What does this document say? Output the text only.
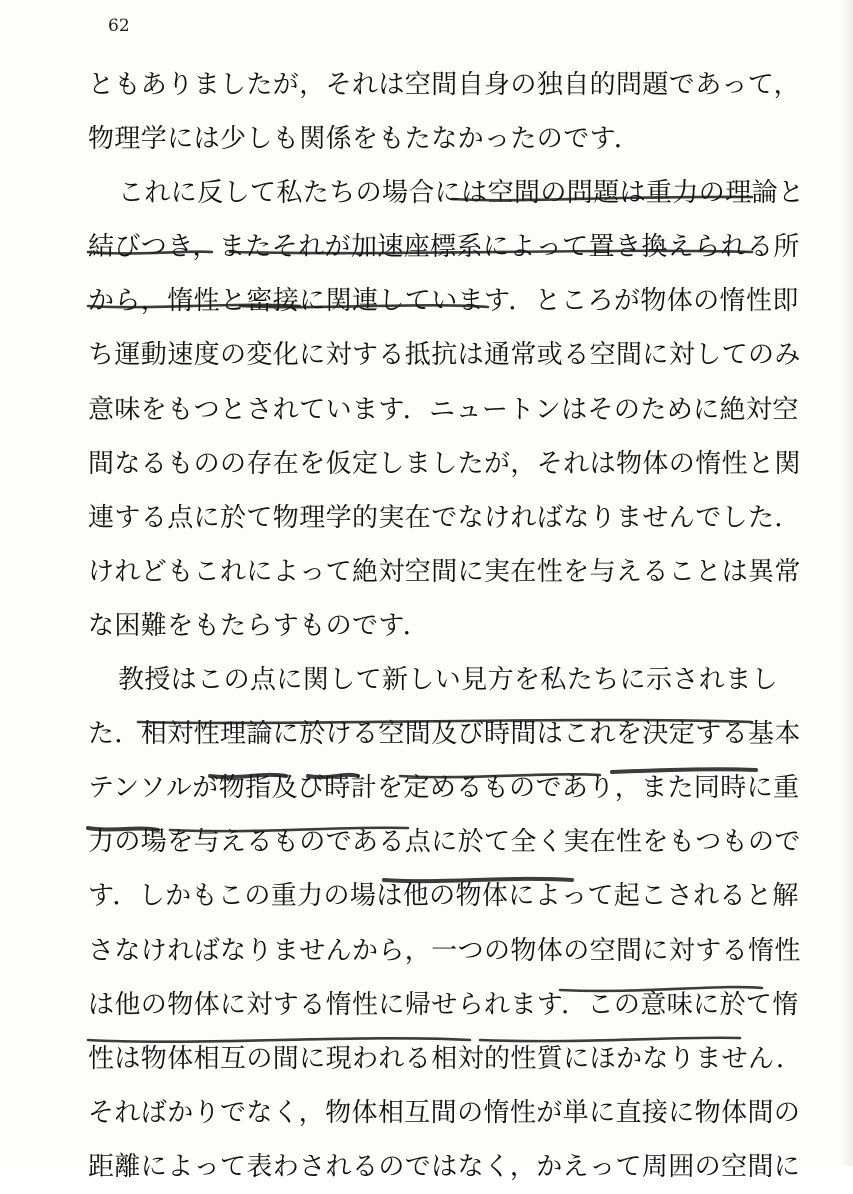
62
ともありましたが，それは空間自身の独自的問題であって，
物理学には少しも関係をもたなかったのです．
これに反して私たちの場合には空間の問題は重力の理論と
結びつき，またそれが加速座標系によって置き換えられる所
から，惰性と密接に関連しています．ところが物体の惰性即
ち運動速度の変化に対する抵抗は通常或る空間に対してのみ
意味をもつとされています．ニュートンはそのために絶対空
間なるものの存在を仮定しましたが，それは物体の惰性と関
連する点に於て物理学的実在でなければなりませんでした．
けれどもこれによって絶対空間に実在性を与えることは異常
な困難をもたらすものです．
教授はこの点に関して新しい見方を私たちに示されまし
た．相対性理論に於ける空間及び時間はこれを決定する基本
テンソルが物指及び時計を定めるものであり，また同時に重
力の場を与えるものである点に於て全く実在性をもつもので
す．しかもこの重力の場は他の物体によって起こされると解
さなければなりませんから，一つの物体の空間に対する惰性
は他の物体に対する惰性に帰せられます．この意味に於て惰
性は物体相互の間に現われる相対的性質にほかなりません．
そればかりでなく，物体相互間の惰性が単に直接に物体間の
距離によって表わされるのではなく，かえって周囲の空間に
